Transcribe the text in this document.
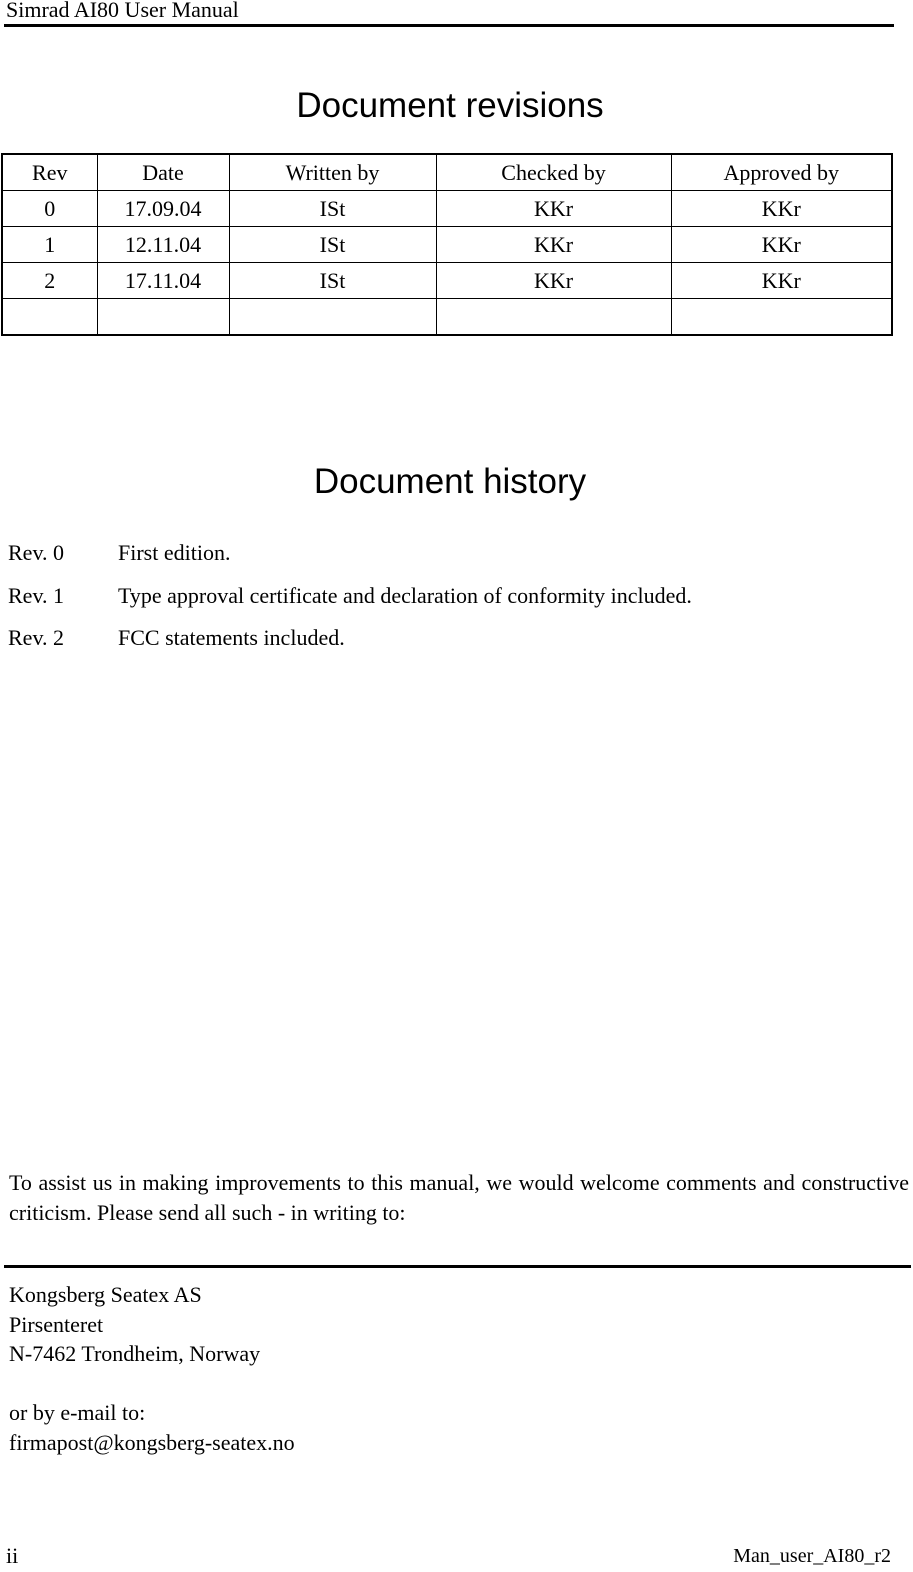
Simrad AI80 User Manual
Document revisions
Rev	Date	Written by	Checked by	Approved by
0	17.09.04	ISt	KKr	KKr
1	12.11.04	ISt	KKr	KKr
2	17.11.04	ISt	KKr	KKr

Document history
Rev. 0 First edition.
Rev. 1 Type approval certificate and declaration of conformity included.
Rev. 2 FCC statements included.
To assist us in making improvements to this manual, we would welcome comments and constructive criticism. Please send all such - in writing to:
Kongsberg Seatex AS
Pirsenteret
N-7462 Trondheim, Norway
or by e-mail to:
firmapost@kongsberg-seatex.no
ii	Man_user_AI80_r2
